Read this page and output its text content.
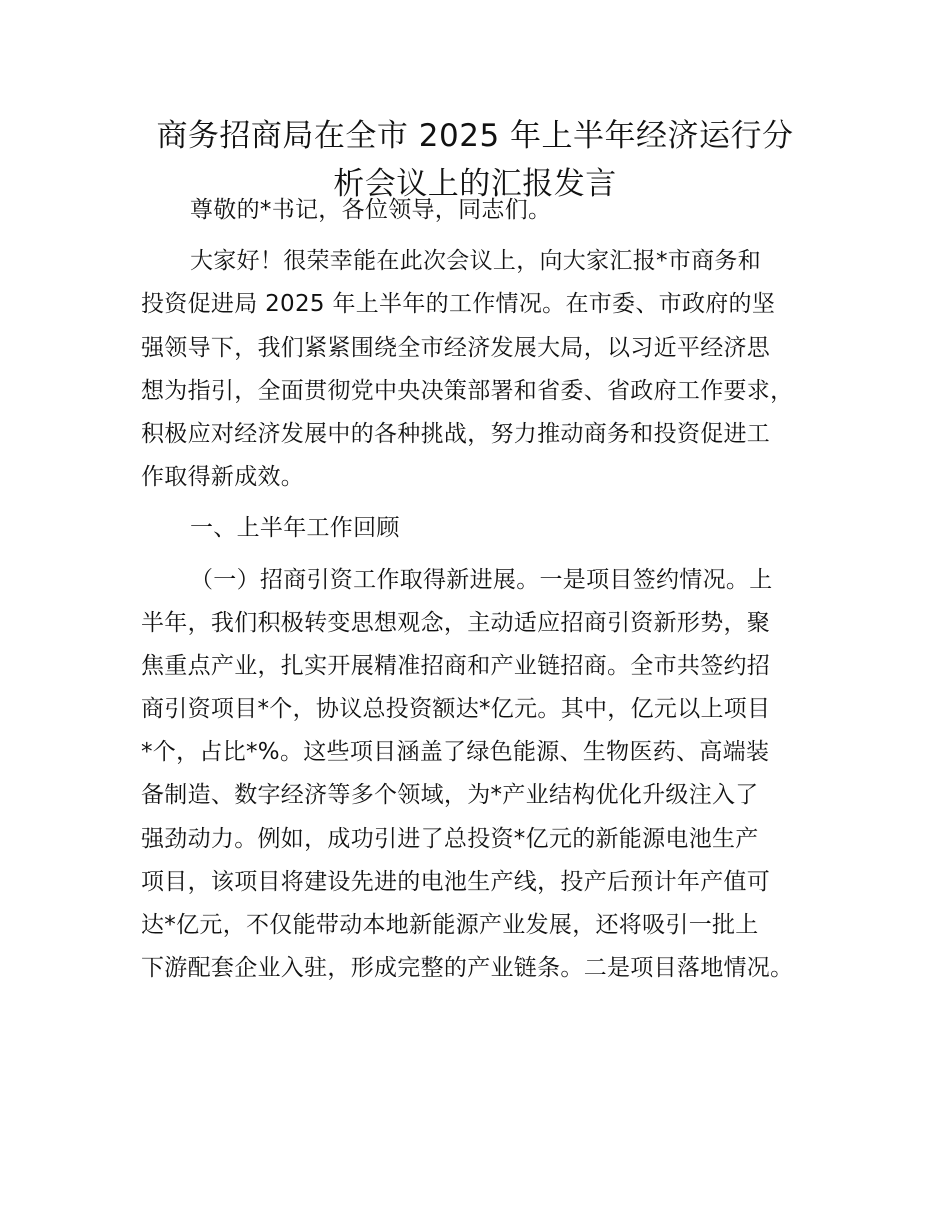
商务招商局在全市 2025 年上半年经济运行分
析会议上的汇报发言
尊敬的*书记，各位领导，同志们。
大家好！很荣幸能在此次会议上，向大家汇报*市商务和
投资促进局 2025 年上半年的工作情况。在市委、市政府的坚
强领导下，我们紧紧围绕全市经济发展大局，以习近平经济思
想为指引，全面贯彻党中央决策部署和省委、省政府工作要求，
积极应对经济发展中的各种挑战，努力推动商务和投资促进工
作取得新成效。
一、上半年工作回顾
（一）招商引资工作取得新进展。一是项目签约情况。上
半年，我们积极转变思想观念，主动适应招商引资新形势，聚
焦重点产业，扎实开展精准招商和产业链招商。全市共签约招
商引资项目*个，协议总投资额达*亿元。其中，亿元以上项目
*个，占比*%。这些项目涵盖了绿色能源、生物医药、高端装
备制造、数字经济等多个领域，为*产业结构优化升级注入了
强劲动力。例如，成功引进了总投资*亿元的新能源电池生产
项目，该项目将建设先进的电池生产线，投产后预计年产值可
达*亿元，不仅能带动本地新能源产业发展，还将吸引一批上
下游配套企业入驻，形成完整的产业链条。二是项目落地情况。
